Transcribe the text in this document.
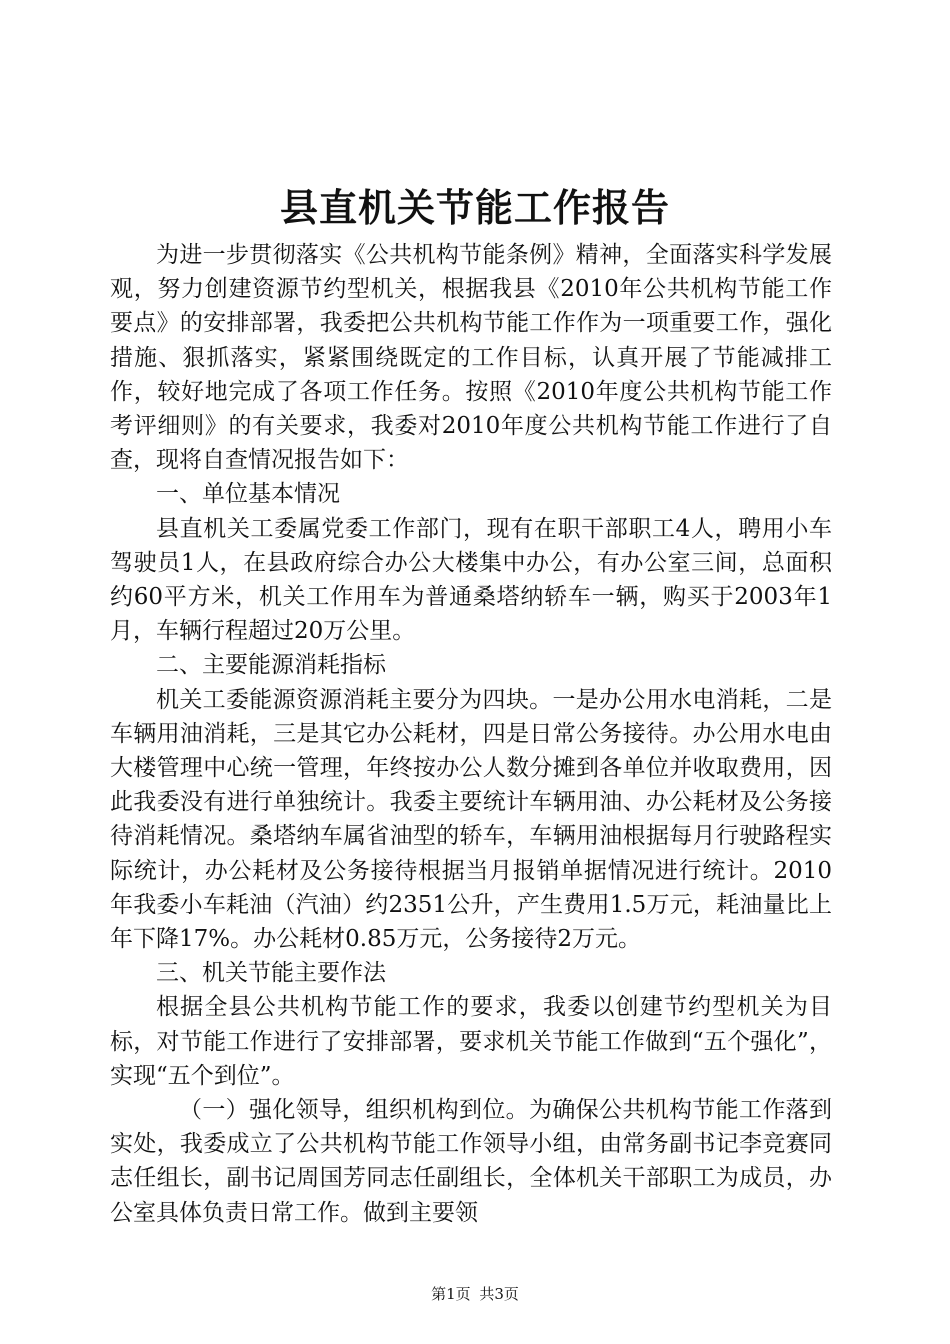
县直机关节能工作报告

为进一步贯彻落实《公共机构节能条例》精神，全面落实科学发展观，努力创建资源节约型机关，根据我县《2010年公共机构节能工作要点》的安排部署，我委把公共机构节能工作作为一项重要工作，强化措施、狠抓落实，紧紧围绕既定的工作目标，认真开展了节能减排工作，较好地完成了各项工作任务。按照《2010年度公共机构节能工作考评细则》的有关要求，我委对2010年度公共机构节能工作进行了自查，现将自查情况报告如下：

一、单位基本情况

县直机关工委属党委工作部门，现有在职干部职工4人，聘用小车驾驶员1人，在县政府综合办公大楼集中办公，有办公室三间，总面积约60平方米，机关工作用车为普通桑塔纳轿车一辆，购买于2003年1月，车辆行程超过20万公里。

二、主要能源消耗指标

机关工委能源资源消耗主要分为四块。一是办公用水电消耗，二是车辆用油消耗，三是其它办公耗材，四是日常公务接待。办公用水电由大楼管理中心统一管理，年终按办公人数分摊到各单位并收取费用，因此我委没有进行单独统计。我委主要统计车辆用油、办公耗材及公务接待消耗情况。桑塔纳车属省油型的轿车，车辆用油根据每月行驶路程实际统计，办公耗材及公务接待根据当月报销单据情况进行统计。2010年我委小车耗油（汽油）约2351公升，产生费用1.5万元，耗油量比上年下降17%。办公耗材0.85万元，公务接待2万元。

三、机关节能主要作法

根据全县公共机构节能工作的要求，我委以创建节约型机关为目标，对节能工作进行了安排部署，要求机关节能工作做到“五个强化”，实现“五个到位”。

（一）强化领导，组织机构到位。为确保公共机构节能工作落到实处，我委成立了公共机构节能工作领导小组，由常务副书记李竞赛同志任组长，副书记周国芳同志任副组长，全体机关干部职工为成员，办公室具体负责日常工作。做到主要领

第1页 共3页
